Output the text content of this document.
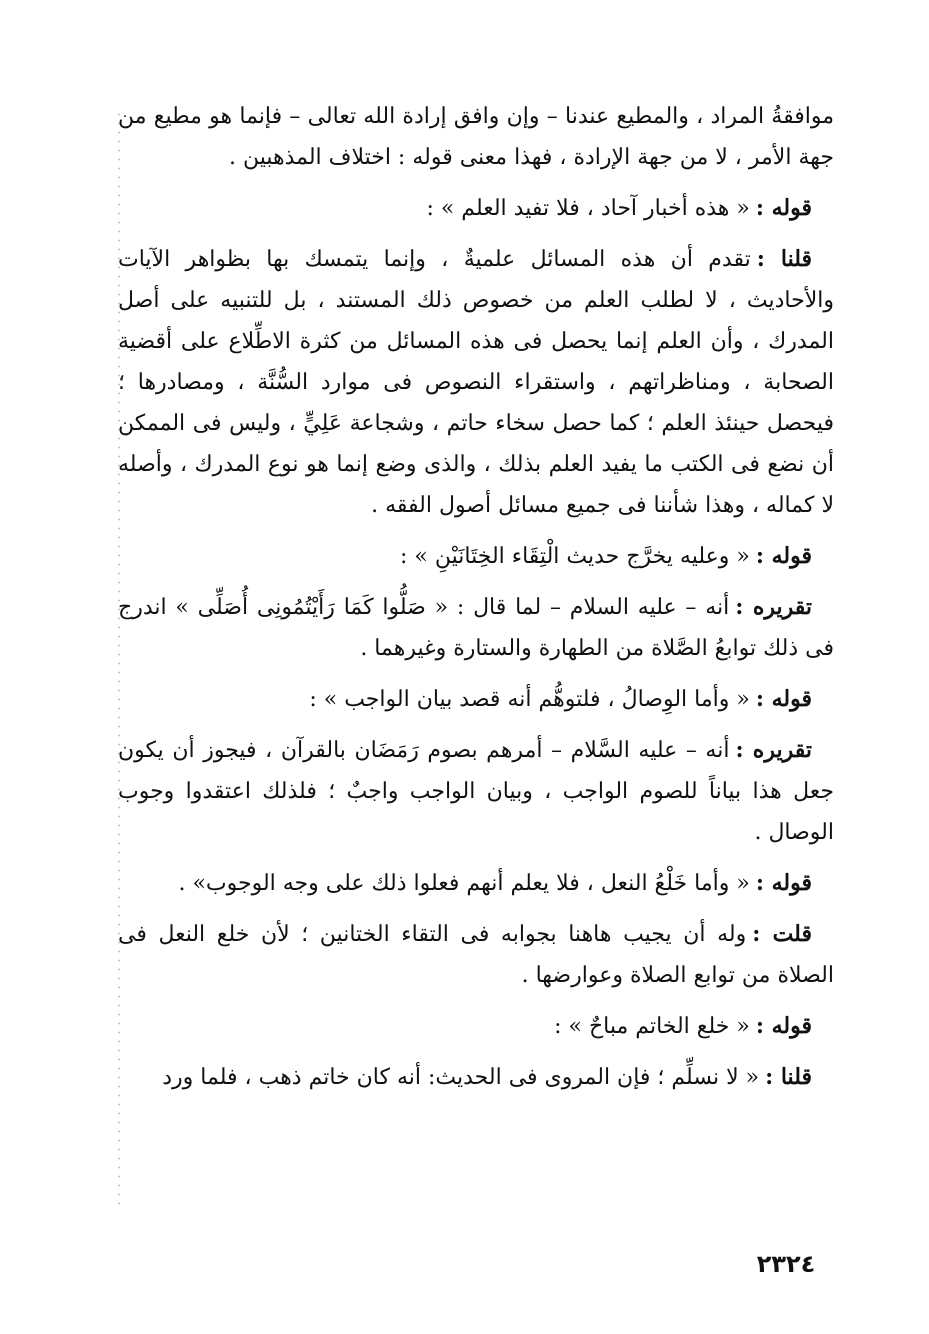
موافقةُ المراد ، والمطيع عندنا – وإن وافق إرادة الله تعالى – فإنما هو مطيع من جهة الأمر ، لا من جهة الإرادة ، فهذا معنى قوله : اختلاف المذهبين .

قوله :« هذه أخبار آحاد ، فلا تفيد العلم » :

قلنا :تقدم أن هذه المسائل علميةٌ ، وإنما يتمسك بها بظواهر الآيات والأحاديث ، لا لطلب العلم من خصوص ذلك المستند ، بل للتنبيه على أصل المدرك ، وأن العلم إنما يحصل فى هذه المسائل من كثرة الاطِّلاع على أقضية الصحابة ، ومناظراتهم ، واستقراء النصوص فى موارد السُّنَّة ، ومصادرها ؛ فيحصل حينئذ العلم ؛ كما حصل سخاء حاتم ، وشجاعة عَلِيٍّ ، وليس فى الممكن أن نضع فى الكتب ما يفيد العلم بذلك ، والذى وضع إنما هو نوع المدرك ، وأصله لا كماله ، وهذا شأننا فى جميع مسائل أصول الفقه .

قوله :« وعليه يخرَّج حديث الْتِقَاء الخِتَانَيْنِ » :

تقريره :أنه – عليه السلام – لما قال : « صَلُّوا كَمَا رَأَيْتُمُونِى أُصَلِّى » اندرج فى ذلك توابعُ الصَّلاة من الطهارة والستارة وغيرهما .

قوله :« وأما الوِصالُ ، فلتوهُّم أنه قصد بيان الواجب » :

تقريره :أنه – عليه السَّلام – أمرهم بصوم رَمَضَان بالقرآن ، فيجوز أن يكون جعل هذا بياناً للصوم الواجب ، وبيان الواجب واجبٌ ؛ فلذلك اعتقدوا وجوب الوصال .

قوله :« وأما خَلْعُ النعل ، فلا يعلم أنهم فعلوا ذلك على وجه الوجوب» .

قلت :وله أن يجيب هاهنا بجوابه فى التقاء الختانين ؛ لأن خلع النعل فى الصلاة من توابع الصلاة وعوارضها .

قوله :« خلع الخاتم مباحٌ » :

قلنا :« لا نسلِّم ؛ فإن المروى فى الحديث: أنه كان خاتم ذهب ، فلما ورد

٢٣٢٤
